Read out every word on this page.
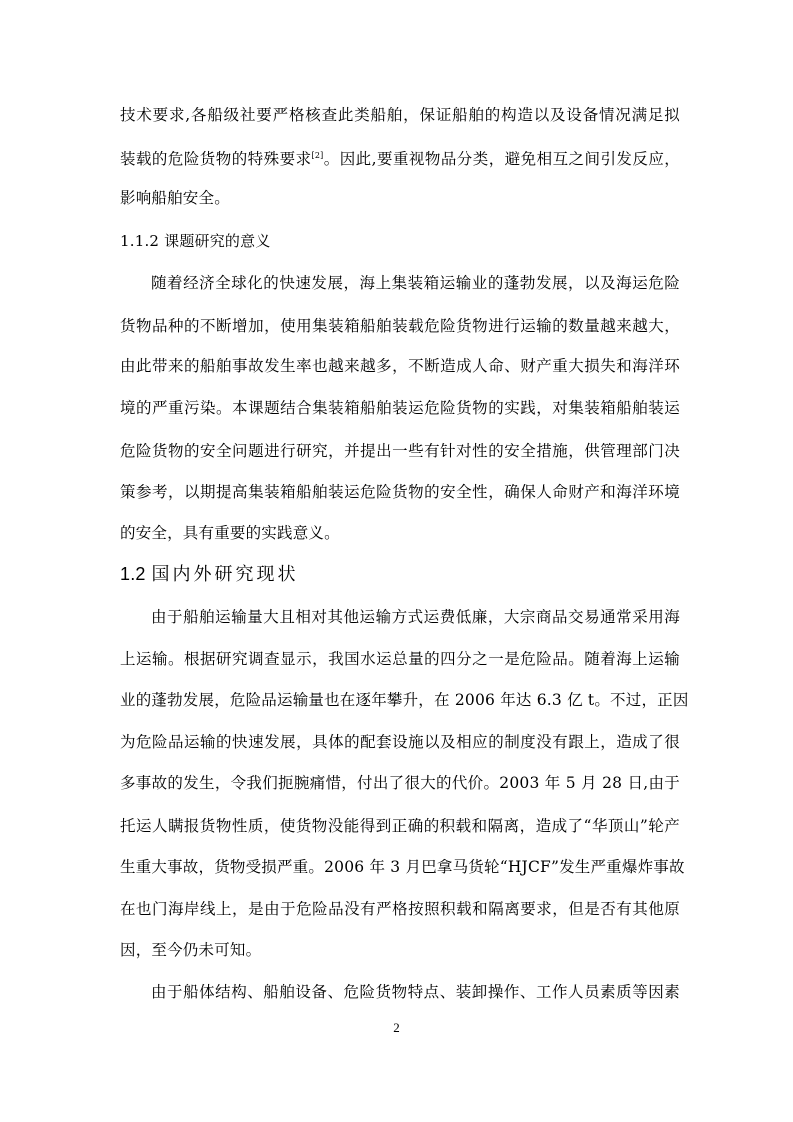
技术要求,各船级社要严格核查此类船舶，保证船舶的构造以及设备情况满足拟
装载的危险货物的特殊要求[2]。因此,要重视物品分类，避免相互之间引发反应，
影响船舶安全。
1.1.2 课题研究的意义
随着经济全球化的快速发展，海上集装箱运输业的蓬勃发展，以及海运危险
货物品种的不断增加，使用集装箱船舶装载危险货物进行运输的数量越来越大，
由此带来的船舶事故发生率也越来越多，不断造成人命、财产重大损失和海洋环
境的严重污染。本课题结合集装箱船舶装运危险货物的实践，对集装箱船舶装运
危险货物的安全问题进行研究，并提出一些有针对性的安全措施，供管理部门决
策参考，以期提高集装箱船舶装运危险货物的安全性，确保人命财产和海洋环境
的安全，具有重要的实践意义。
1.2 国内外研究现状
由于船舶运输量大且相对其他运输方式运费低廉，大宗商品交易通常采用海
上运输。根据研究调查显示，我国水运总量的四分之一是危险品。随着海上运输
业的蓬勃发展，危险品运输量也在逐年攀升，在 2006 年达 6.3 亿 t。不过，正因
为危险品运输的快速发展，具体的配套设施以及相应的制度没有跟上，造成了很
多事故的发生，令我们扼腕痛惜，付出了很大的代价。2003 年 5 月 28 日,由于
托运人瞒报货物性质，使货物没能得到正确的积载和隔离，造成了“华顶山”轮产
生重大事故，货物受损严重。2006 年 3 月巴拿马货轮“HJCF”发生严重爆炸事故
在也门海岸线上，是由于危险品没有严格按照积载和隔离要求，但是否有其他原
因，至今仍未可知。
由于船体结构、船舶设备、危险货物特点、装卸操作、工作人员素质等因素
2
